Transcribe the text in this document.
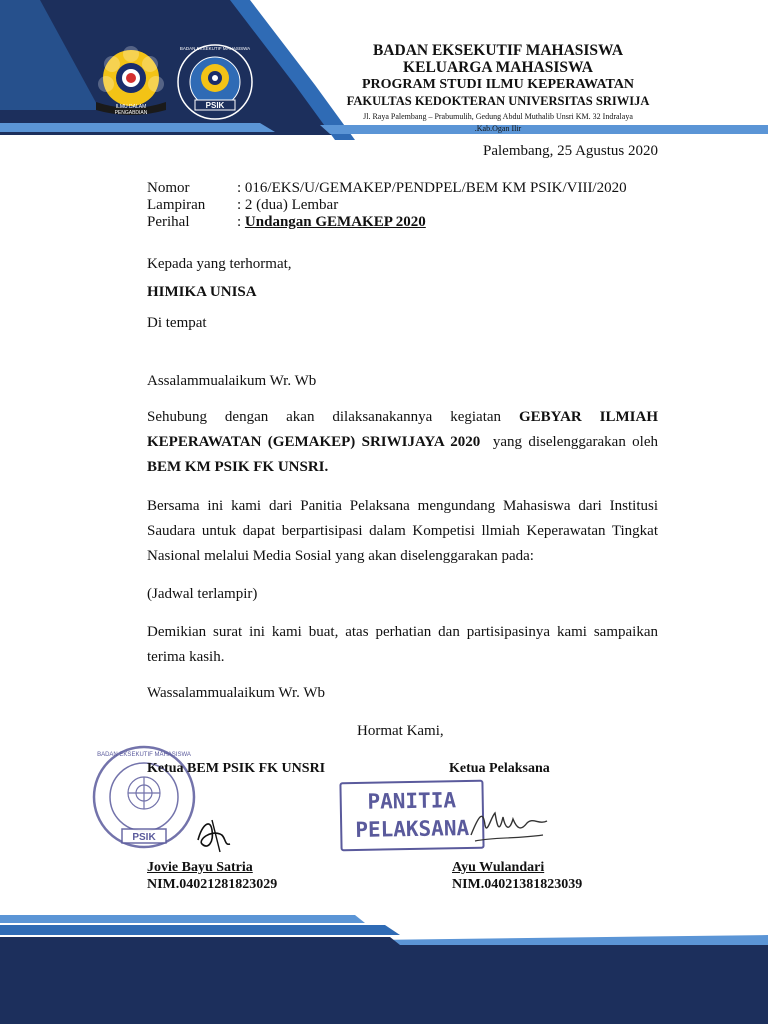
ILMU DALAM PENGABDIAN
PSIK
BADAN EKSEKUTIF MAHASISWA	BADAN EKSEKUTIF MAHASISWA
KELUARGA MAHASISWA
PROGRAM STUDI ILMU KEPERAWATAN
FAKULTAS KEDOKTERAN UNIVERSITAS SRIWIJA
Jl. Raya Palembang – Prabumulih, Gedung Abdul Muthalib Unsri KM. 32 Indralaya
.Kab.Ogan Ilir
Palembang, 25 Agustus 2020
Nomor	: 016/EKS/U/GEMAKEP/PENDPEL/BEM KM PSIK/VIII/2020
Lampiran	: 2 (dua) Lembar
Perihal	: Undangan GEMAKEP 2020
Kepada yang terhormat,
HIMIKA UNISA
Di tempat
Assalammualaikum Wr. Wb
Sehubung dengan akan dilaksanakannya kegiatan GEBYAR ILMIAH KEPERAWATAN (GEMAKEP) SRIWIJAYA 2020  yang diselenggarakan oleh BEM KM PSIK FK UNSRI.
Bersama ini kami dari Panitia Pelaksana mengundang Mahasiswa dari Institusi Saudara untuk dapat berpartisipasi dalam Kompetisi llmiah Keperawatan Tingkat Nasional melalui Media Sosial yang akan diselenggarakan pada:
(Jadwal terlampir)
Demikian surat ini kami buat, atas perhatian dan partisipasinya kami sampaikan terima kasih.
Wassalammualaikum Wr. Wb
Hormat Kami,
PSIK
BADAN EKSEKUTIF MAHASISWA
PANITIA
PELAKSANA
Ketua BEM PSIK FK UNSRI	Ketua Pelaksana
Jovie Bayu Satria
NIM.04021281823029
Ayu Wulandari
NIM.04021381823039
